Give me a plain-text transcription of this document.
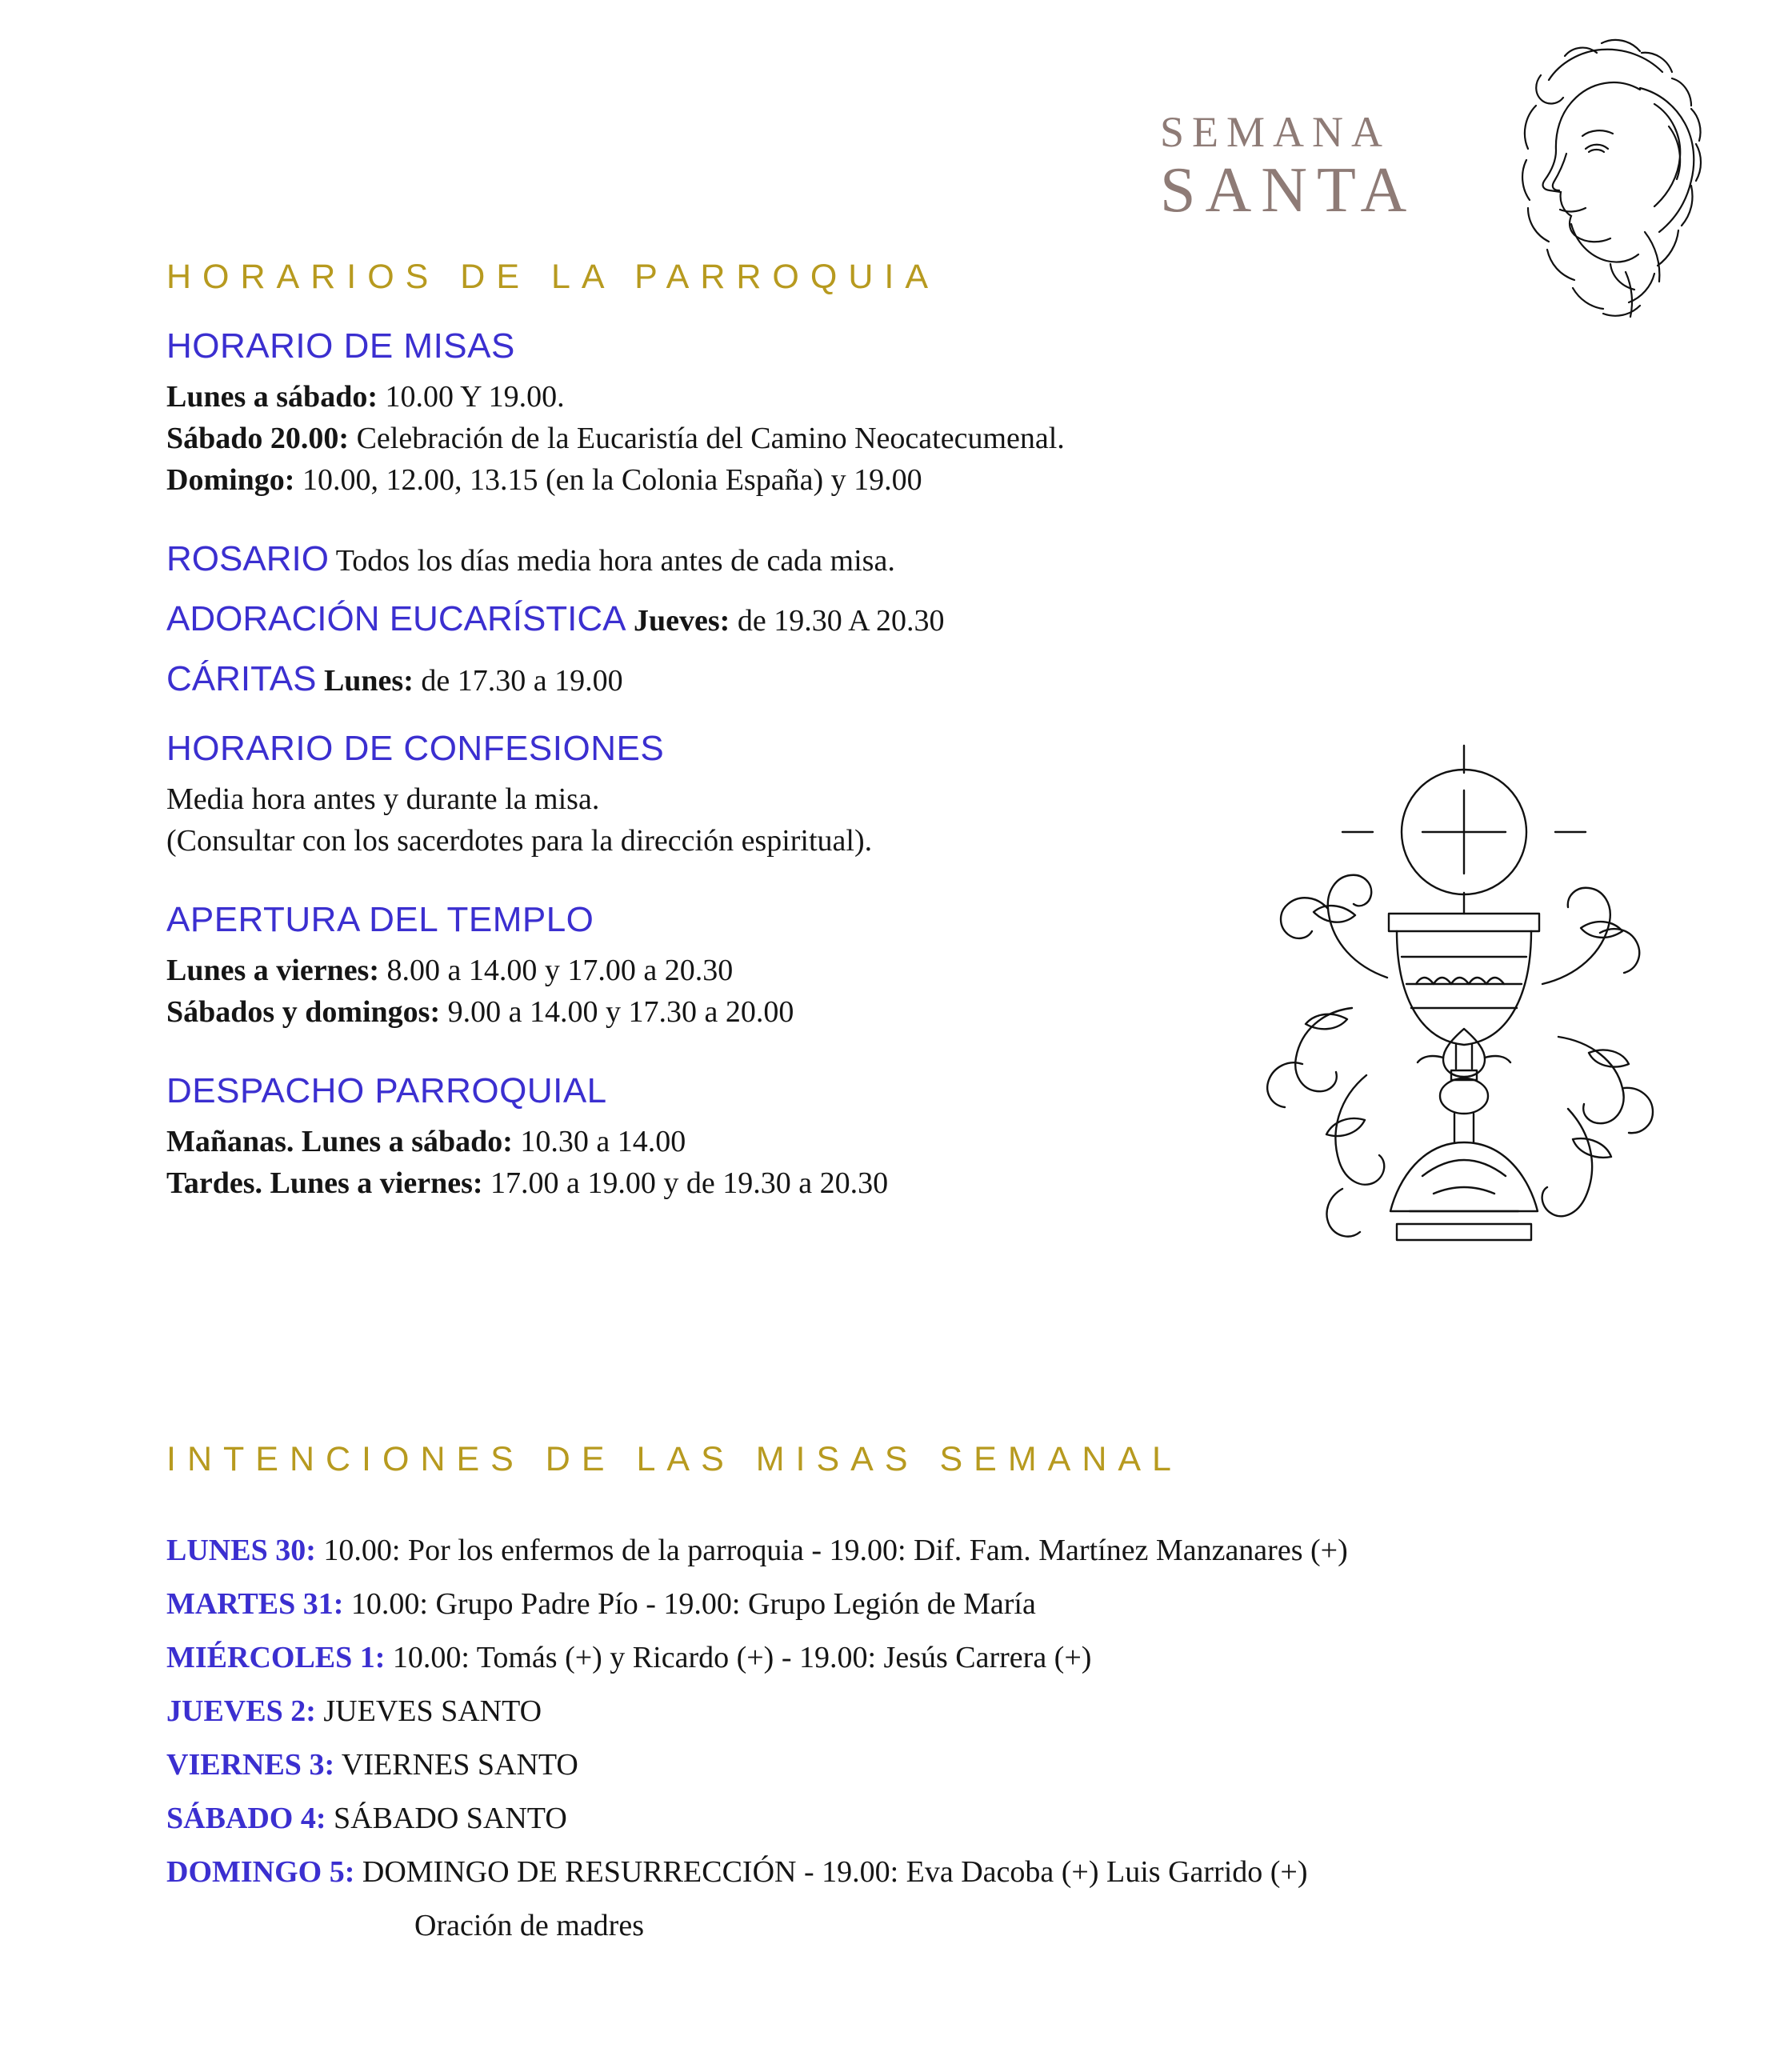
SEMANA
SANTA
HORARIOS DE LA PARROQUIA
HORARIO DE MISAS
Lunes a sábado: 10.00 Y 19.00.
Sábado 20.00: Celebración de la Eucaristía del Camino Neocatecumenal.
Domingo: 10.00, 12.00, 13.15 (en la Colonia España) y 19.00
ROSARIO Todos los días media hora antes de cada misa.
ADORACIÓN EUCARÍSTICA Jueves: de 19.30 A 20.30
CÁRITAS Lunes: de 17.30 a 19.00
HORARIO DE CONFESIONES
Media hora antes y durante la misa.
(Consultar con los sacerdotes para la dirección espiritual).
APERTURA DEL TEMPLO
Lunes a viernes: 8.00 a 14.00 y 17.00 a 20.30
Sábados y domingos: 9.00 a 14.00 y 17.30 a 20.00
DESPACHO PARROQUIAL
Mañanas. Lunes a sábado: 10.30 a 14.00
Tardes. Lunes a viernes: 17.00 a 19.00 y de 19.30 a 20.30
INTENCIONES DE LAS MISAS SEMANAL
LUNES 30: 10.00: Por los enfermos de la parroquia - 19.00: Dif. Fam. Martínez Manzanares (+)
MARTES 31: 10.00: Grupo Padre Pío - 19.00: Grupo Legión de María
MIÉRCOLES 1: 10.00: Tomás (+) y Ricardo (+) - 19.00: Jesús Carrera (+)
JUEVES 2: JUEVES SANTO
VIERNES 3: VIERNES SANTO
SÁBADO 4: SÁBADO SANTO
DOMINGO 5: DOMINGO DE RESURRECCIÓN - 19.00: Eva Dacoba (+) Luis Garrido (+)
Oración de madres
